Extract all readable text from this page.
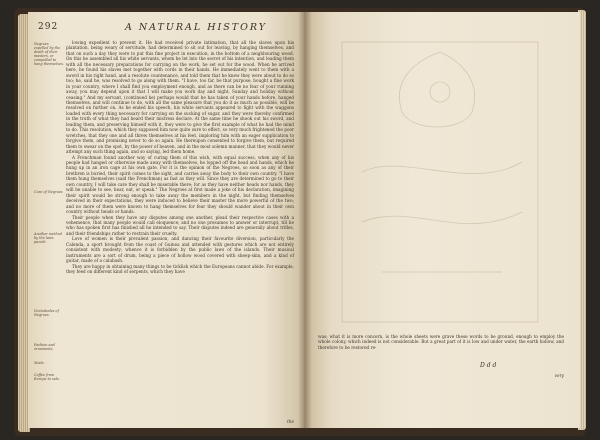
292	A NATURAL HISTORY
Negroes expelled by the death of their masters, or compelled to hang themselves.
Cure of Negroes.
Another method by the laws punish.
Vicissitudes of Negroes.
Fashion and ornaments.
Mode.
Coffee from Europe to sale.

lowing expedient to prevent it. He had received private intimation, that all the slaves upon his plantation, being weary of servitude, had determined to sit out for leaving, by hanging themselves, and that on such a day they were to put this fine project in execution, in the bottom of a neighbouring wood. On this he assembled all his white servants, whom he let into the secret of his intention, and leading them with all the necessary preparations for carrying on the work, he set out for the wood. When he arrived here, he found his slaves met together with cords in their hands. He immediately went to them with a sword in his right hand, and a resolute countenance, and told them that he knew they were about to do so too; he, said he, was resolved to go along with them. "I have, too far, be that purpose, bought a fine work in your country, where I shall find you employment enough, and as there can be no fear of your running away, you may depend upon it that I will make you work day and night, Sunday and holiday without ceasing." And my servant, (continued he) perhaps would that he has taken of your hands before, hanged themselves, and will continue to do, with all the same pleasure that you do it as much as possible, will be resolved on further on. As he ended his speech, his white servants appeared to fight with the waggons loaded with every thing necessary for carrying on the sucking of sugar, and they were thereby confirmed in the truth of what they had heard their mistress declare. At the same time he shook out his sword, and leading them, and preserving himself with it, they were to give the first example of what he had the mind to do. This resolution, which they supposed him now quite sure to effect, so very much frightened the poor wretches, that they one and all threw themselves at his feet, imploring him with an eager supplication to forgive them, and promising never to do so again. He thereupon consented to forgive them, but required them to swear on the spot, by the power of heaven, and in the most solemn manner, that they would never attempt any such thing again, and so saying, led them home.

A Frenchman found another way of curing them of this wish, with equal success, when any of his people had hanged or otherwise made away with themselves, he lopped off the head and hands, which he hung up in an iron cage at his own gate. For it is the opinion of the Negroes, so soon as any of their brethren is buried, their spirit comes to the sight, and carries away the body to their own country. "I have them hung themselves (said the Frenchman) as fast as they will. Since they are determined to go to their own country, I will take care they shall be miserable there; for as they have neither heads nor hands, they will be unable to see, hear, eat, or speak." The Negroes at first made a joke of his declaration, imagining their spirit would be strong enough to take away the members in the night, but finding themselves deceived in their expectations, they were induced to believe their master the more powerful of the two; and no more of them were known to hang themselves for fear they should wander about in their own country without heads or hands.

Their people when they have any disputes among one another, plead their respective cases with a vehemence, that many people would call eloquence; and no one presumes to answer or interrupt, till he who has spoken first has finished all he intended to say. Their disputes indeed are generally about trifles, and their friendships rather to restrain their cruelty.

Love of women is their prevalent passion, and dancing their favourite diversion, particularly the Calenda, a sport brought from the coast of Guinea and attended with gestures which are not entirely consistent with modesty; whence it is forbidden by the public laws of the islands. Their musical instruments are a sort of drum, being a piece of hollow wood covered with sheep-skin, and a kind of guitar, made of a calabash.

They are happy in obtaining many things to be ticklish which the Europeans cannot abide. For example, they feed on different kind of serpents, which they have

the

was; what it is more concern, is the whole sheets were grave these words to be ground, enough to employ the whole colony, which indeed is not considerable. But a great part of it is low and under water, the earth hollow, and therefore to be restored re-

D d d
very
